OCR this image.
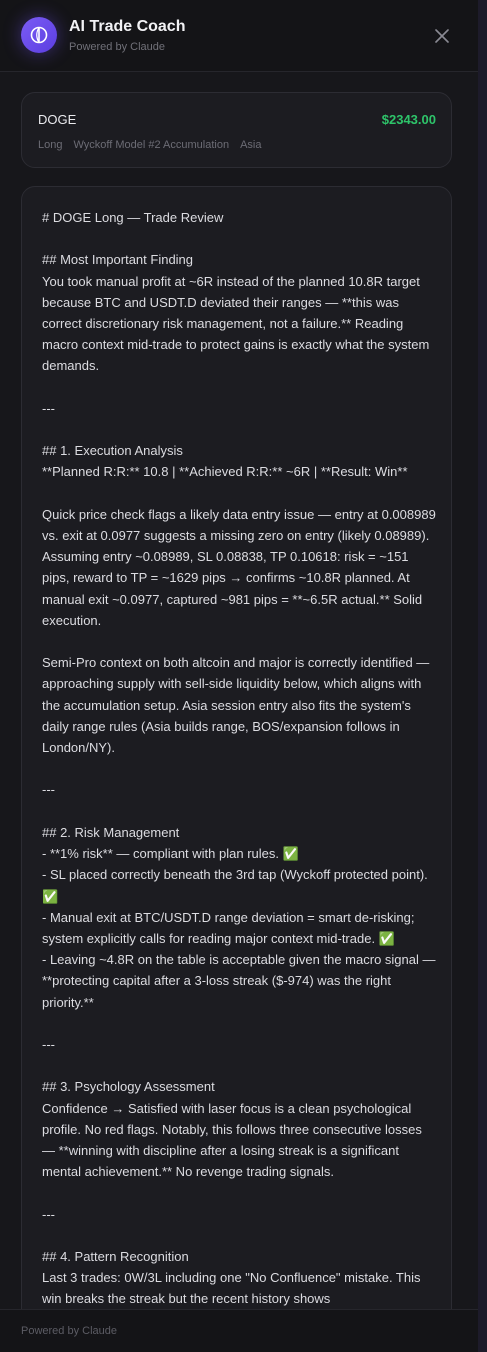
AI Trade Coach
Powered by Claude
DOGE	$2343.00
Long Wyckoff Model #2 Accumulation Asia
# DOGE Long — Trade Review

## Most Important Finding
You took manual profit at ~6R instead of the planned 10.8R target because BTC and USDT.D deviated their ranges — **this was correct discretionary risk management, not a failure.** Reading macro context mid-trade to protect gains is exactly what the system demands.

---

## 1. Execution Analysis
**Planned R:R:** 10.8 | **Achieved R:R:** ~6R | **Result: Win**

Quick price check flags a likely data entry issue — entry at 0.008989 vs. exit at 0.0977 suggests a missing zero on entry (likely 0.08989). Assuming entry ~0.08989, SL 0.08838, TP 0.10618: risk = ~151 pips, reward to TP = ~1629 pips → confirms ~10.8R planned. At manual exit ~0.0977, captured ~981 pips = **~6.5R actual.** Solid execution.

Semi-Pro context on both altcoin and major is correctly identified — approaching supply with sell-side liquidity below, which aligns with the accumulation setup. Asia session entry also fits the system's daily range rules (Asia builds range, BOS/expansion follows in London/NY).

---

## 2. Risk Management
- **1% risk** — compliant with plan rules. ✅
- SL placed correctly beneath the 3rd tap (Wyckoff protected point). ✅
- Manual exit at BTC/USDT.D range deviation = smart de-risking; system explicitly calls for reading major context mid-trade. ✅
- Leaving ~4.8R on the table is acceptable given the macro signal — **protecting capital after a 3-loss streak ($-974) was the right priority.**

---

## 3. Psychology Assessment
Confidence → Satisfied with laser focus is a clean psychological profile. No red flags. Notably, this follows three consecutive losses — **winning with discipline after a losing streak is a significant mental achievement.** No revenge trading signals.

---

## 4. Pattern Recognition
Last 3 trades: 0W/3L including one "No Confluence" mistake. This win breaks the streak but the recent history shows
Powered by Claude
